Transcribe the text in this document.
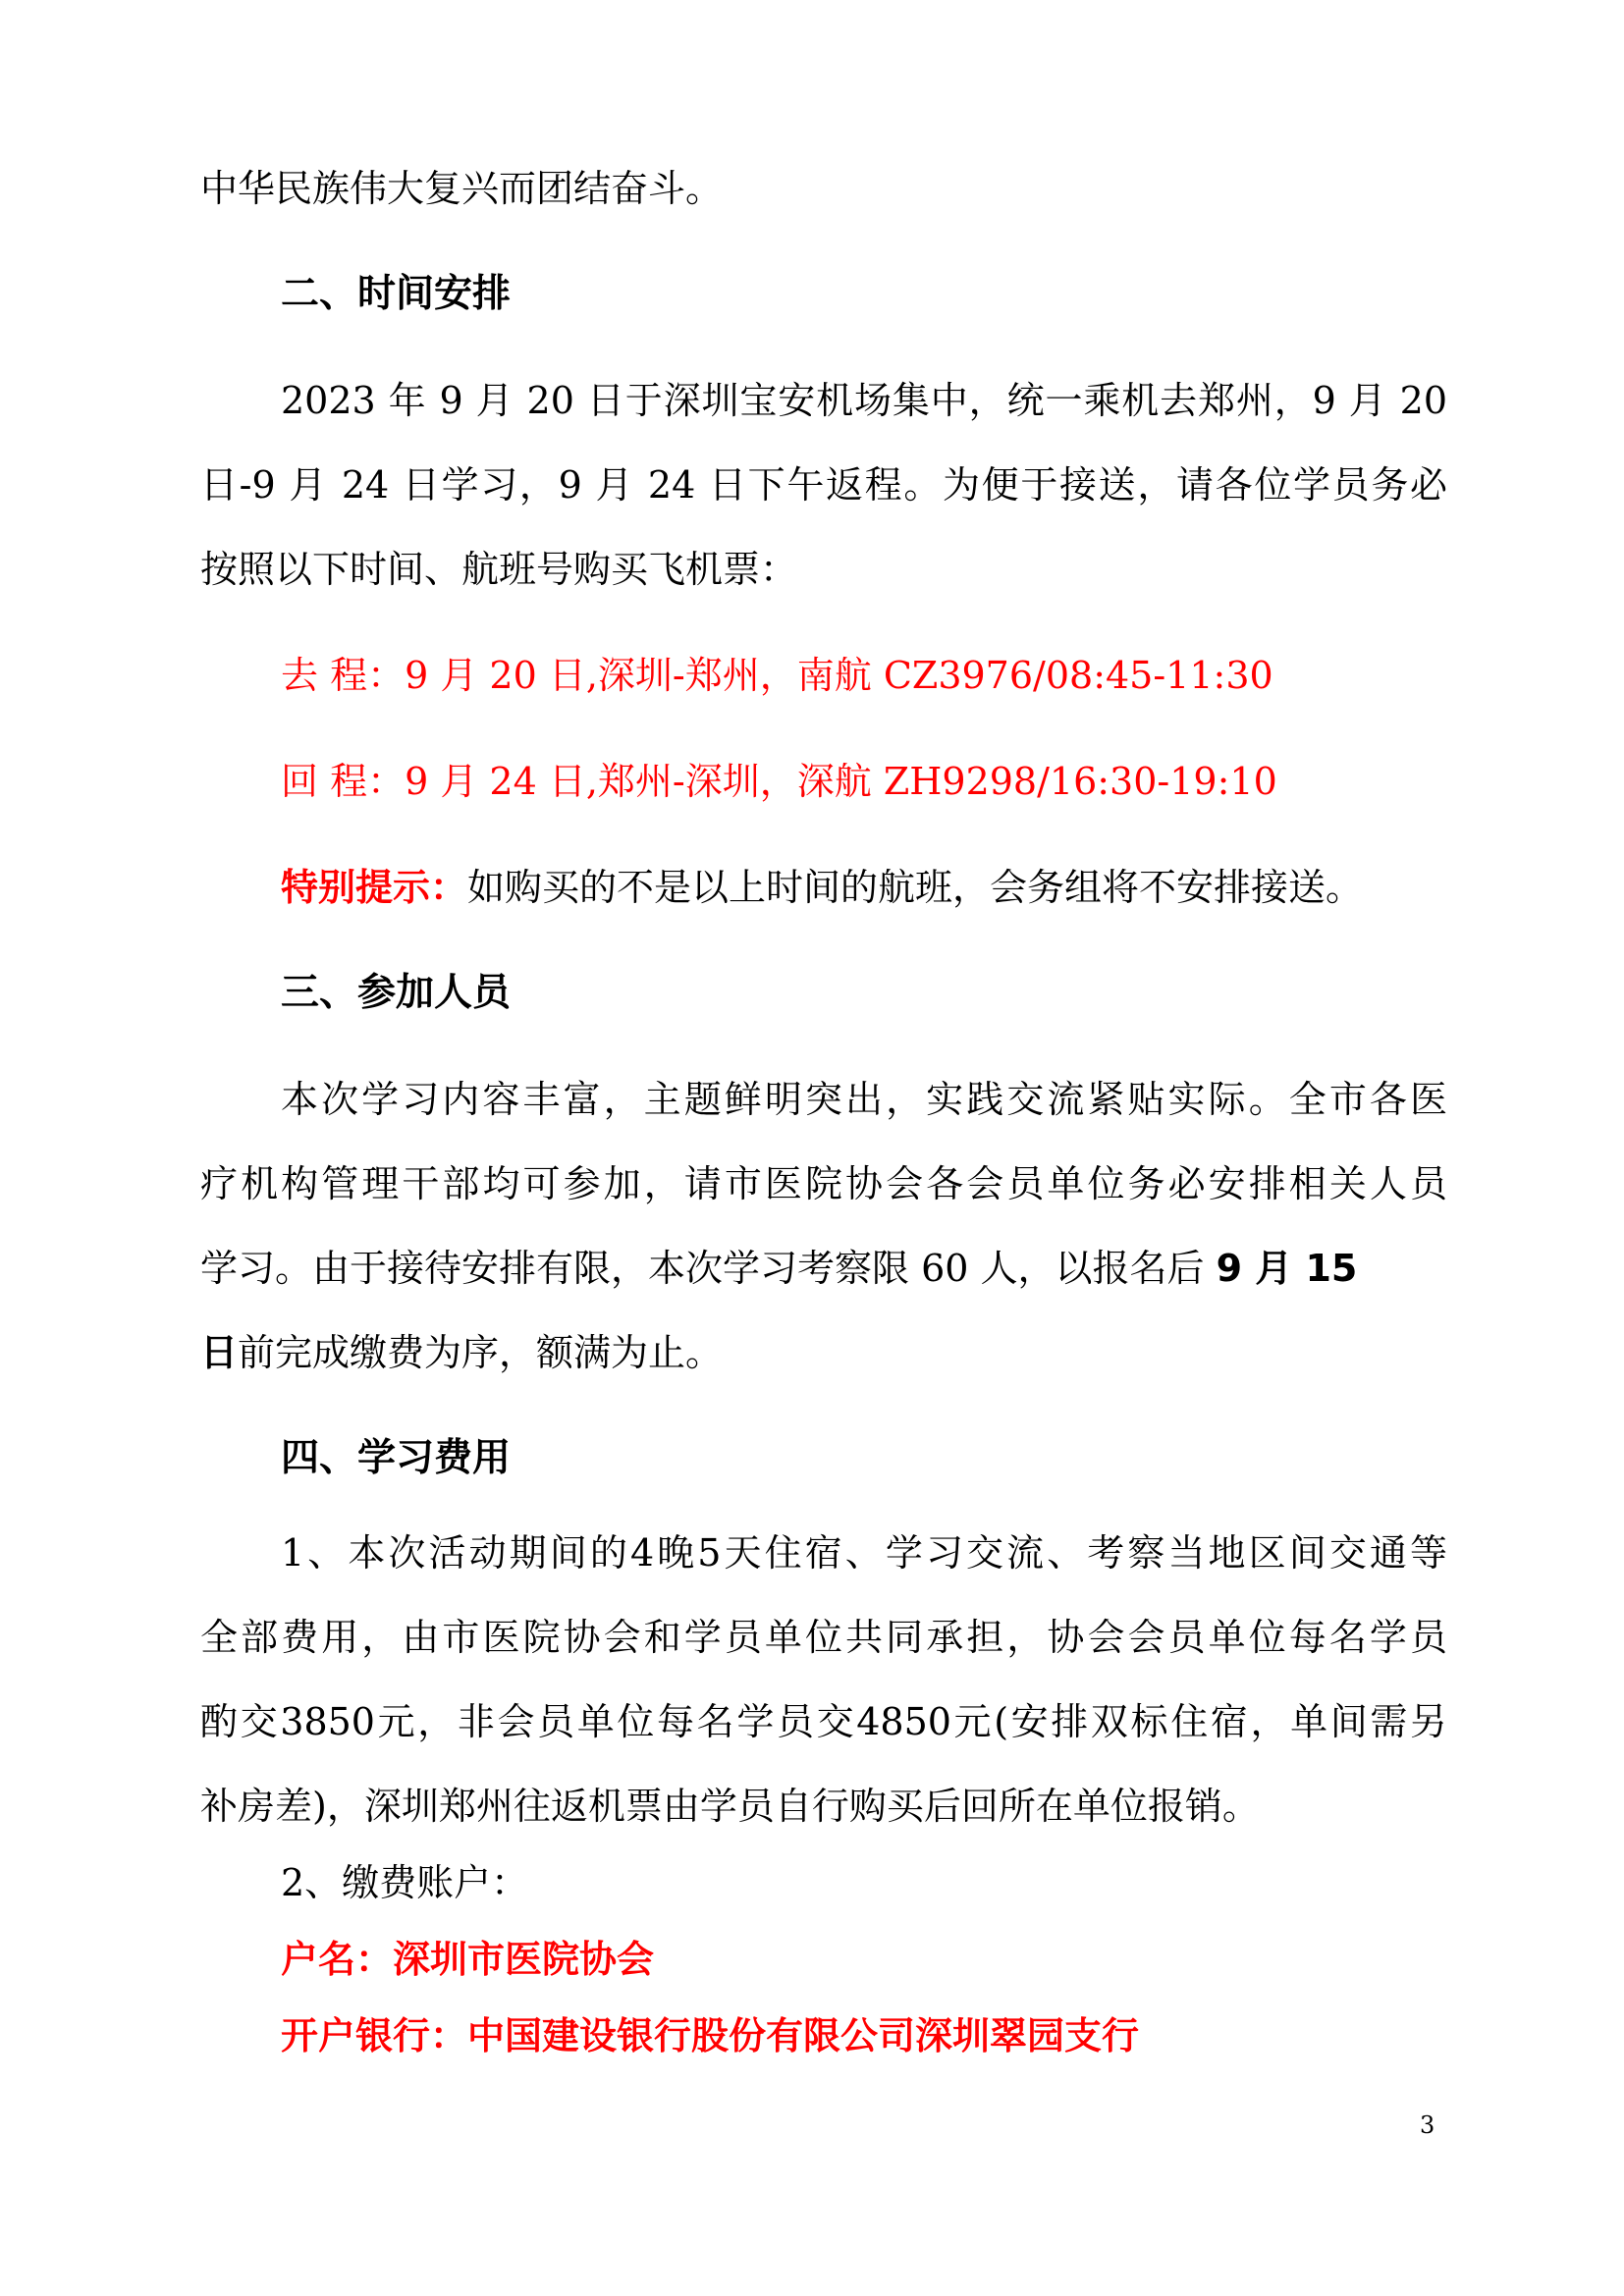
中华民族伟大复兴而团结奋斗。
二、时间安排
2023 年 9 月 20 日于深圳宝安机场集中，统一乘机去郑州，9 月 20
日-9 月 24 日学习，9 月 24 日下午返程。为便于接送，请各位学员务必
按照以下时间、航班号购买飞机票：
去 程：9 月 20 日,深圳-郑州，南航 CZ3976/08:45-11:30
回 程：9 月 24 日,郑州-深圳，深航 ZH9298/16:30-19:10
特别提示：如购买的不是以上时间的航班，会务组将不安排接送。
三、参加人员
本次学习内容丰富，主题鲜明突出，实践交流紧贴实际。全市各医
疗机构管理干部均可参加，请市医院协会各会员单位务必安排相关人员
学习。由于接待安排有限，本次学习考察限 60 人，以报名后 9 月 15
日前完成缴费为序，额满为止。
四、学习费用
1、本次活动期间的4晚5天住宿、学习交流、考察当地区间交通等
全部费用，由市医院协会和学员单位共同承担，协会会员单位每名学员
酌交3850元，非会员单位每名学员交4850元(安排双标住宿，单间需另
补房差)，深圳郑州往返机票由学员自行购买后回所在单位报销。
2、缴费账户：
户名：深圳市医院协会
开户银行：中国建设银行股份有限公司深圳翠园支行
3
